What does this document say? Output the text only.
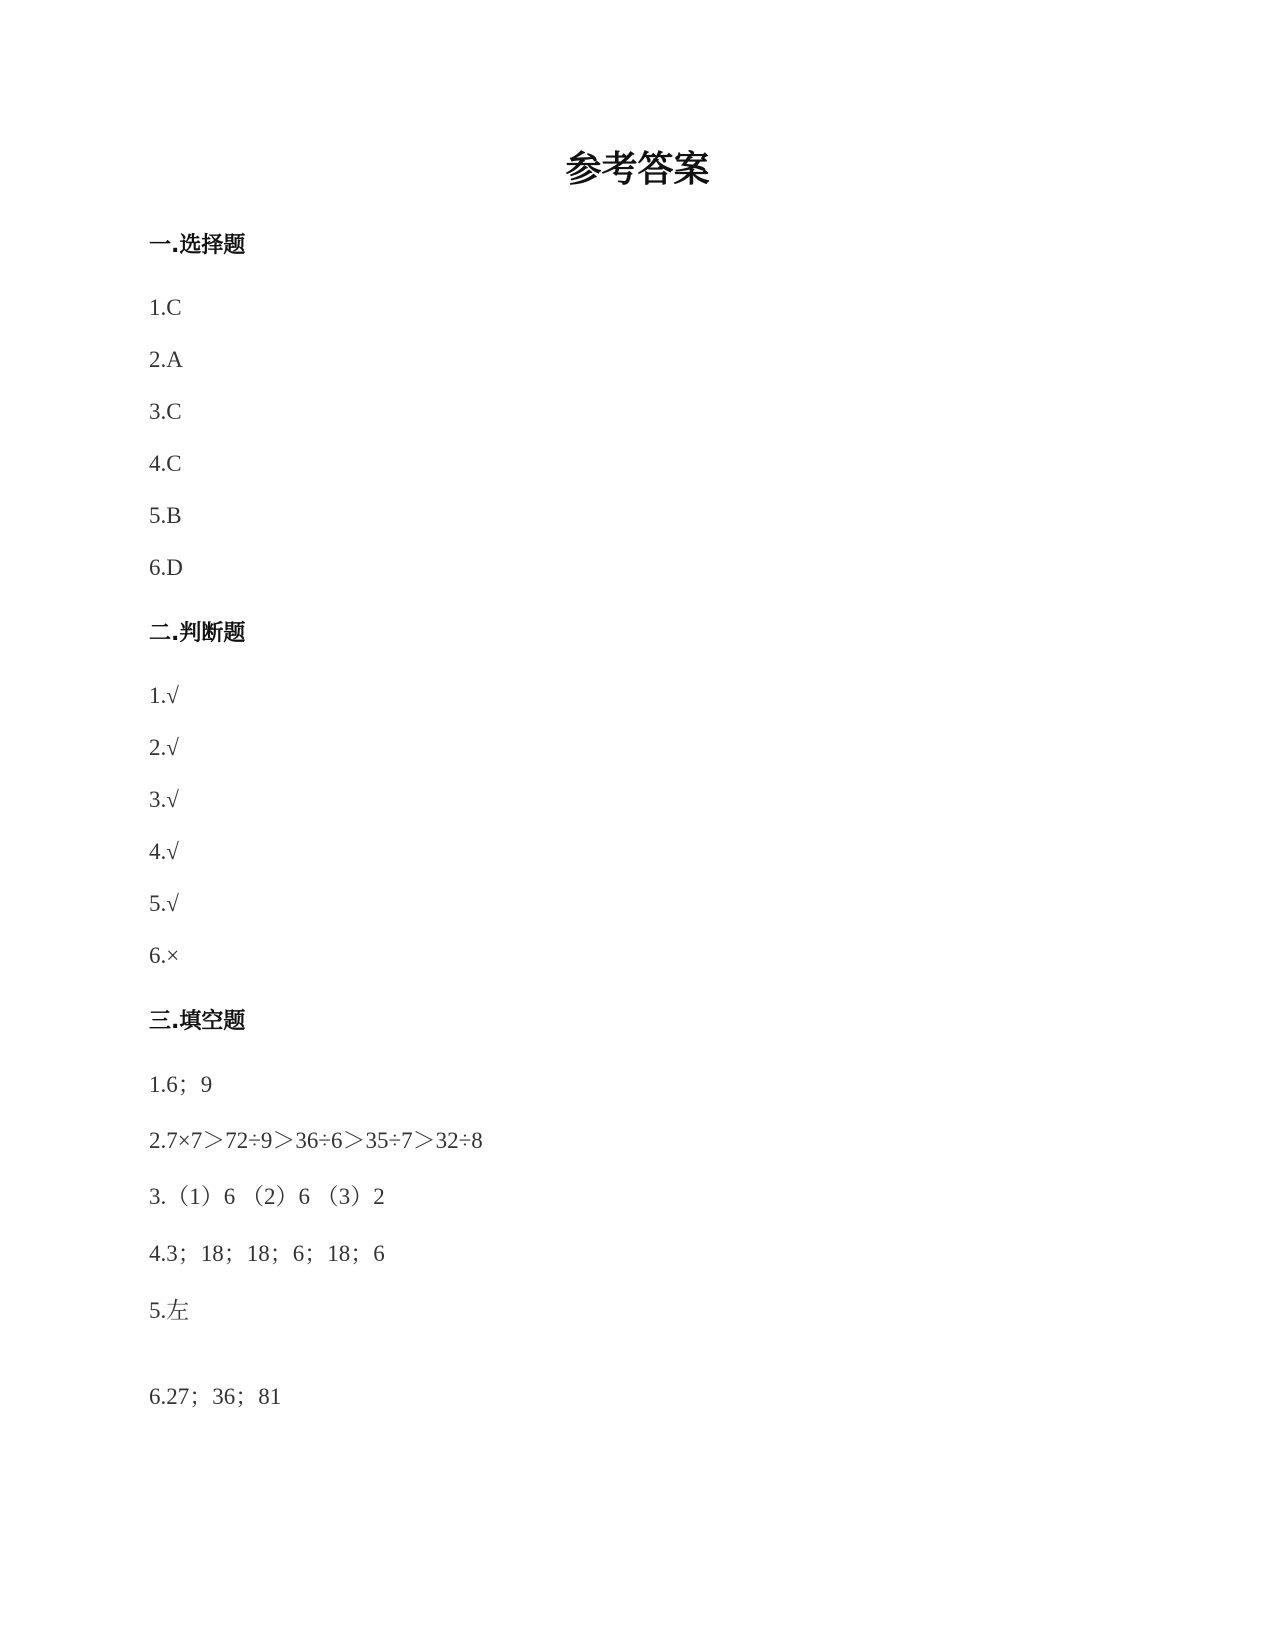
参考答案
一.选择题
1.C
2.A
3.C
4.C
5.B
6.D
二.判断题
1.√
2.√
3.√
4.√
5.√
6.×
三.填空题
1.6；9
2.7×7＞72÷9＞36÷6＞35÷7＞32÷8
3.（1）6 （2）6 （3）2
4.3；18；18；6；18；6
5.左
6.27；36；81
